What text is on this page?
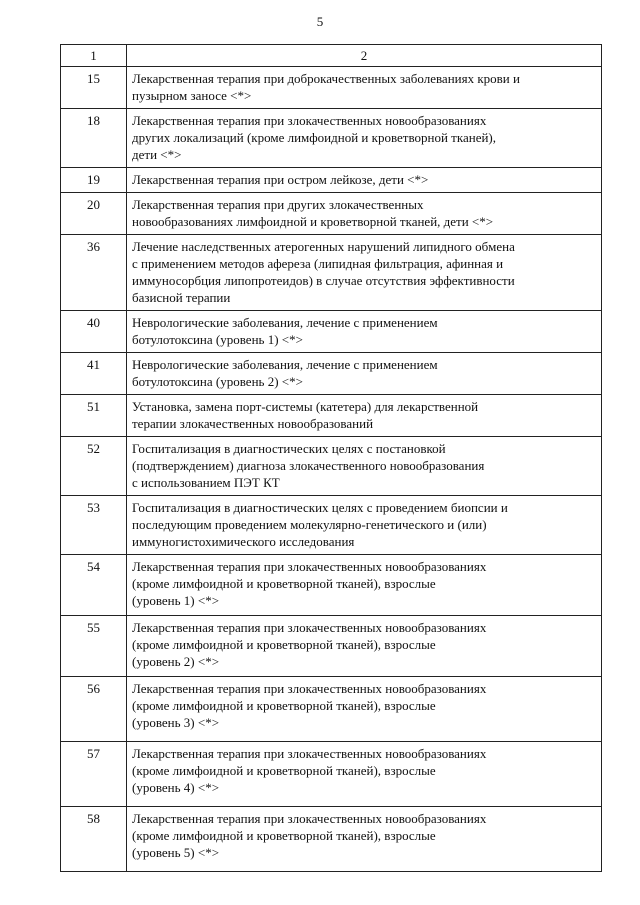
5
1	2
15	Лекарственная терапия при доброкачественных заболеваниях крови и
пузырном заносе <*>

18	Лекарственная терапия при злокачественных новообразованиях
других локализаций (кроме лимфоидной и кроветворной тканей),
дети <*>

19	Лекарственная терапия при остром лейкозе, дети <*>

20	Лекарственная терапия при других злокачественных
новообразованиях лимфоидной и кроветворной тканей, дети <*>

36	Лечение наследственных атерогенных нарушений липидного обмена
с применением методов афереза (липидная фильтрация, афинная и
иммуносорбция липопротеидов) в случае отсутствия эффективности
базисной терапии

40	Неврологические заболевания, лечение с применением
ботулотоксина (уровень 1) <*>

41	Неврологические заболевания, лечение с применением
ботулотоксина (уровень 2) <*>

51	Установка, замена порт-системы (катетера) для лекарственной
терапии злокачественных новообразований

52	Госпитализация в диагностических целях с постановкой
(подтверждением) диагноза злокачественного новообразования
с использованием ПЭТ КТ

53	Госпитализация в диагностических целях с проведением биопсии и
последующим проведением молекулярно-генетического и (или)
иммуногистохимического исследования

54	Лекарственная терапия при злокачественных новообразованиях
(кроме лимфоидной и кроветворной тканей), взрослые
(уровень 1) <*>

55	Лекарственная терапия при злокачественных новообразованиях
(кроме лимфоидной и кроветворной тканей), взрослые
(уровень 2) <*>

56	Лекарственная терапия при злокачественных новообразованиях
(кроме лимфоидной и кроветворной тканей), взрослые
(уровень 3) <*>

57	Лекарственная терапия при злокачественных новообразованиях
(кроме лимфоидной и кроветворной тканей), взрослые
(уровень 4) <*>

58	Лекарственная терапия при злокачественных новообразованиях
(кроме лимфоидной и кроветворной тканей), взрослые
(уровень 5) <*>
